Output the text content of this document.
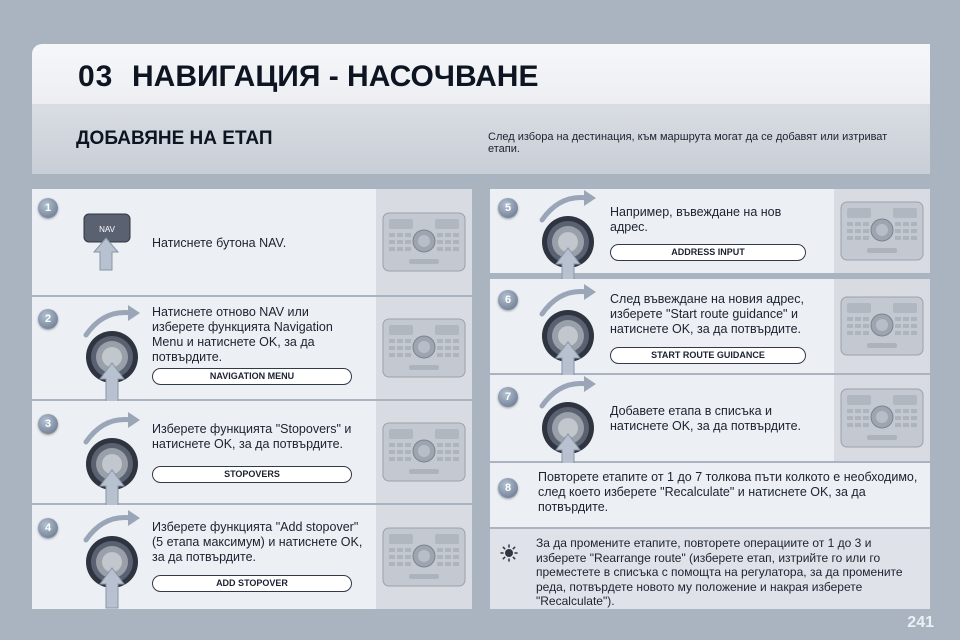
03 НАВИГАЦИЯ - НАСОЧВАНЕ
ДОБАВЯНЕ НА ЕТАП	След избора на дестинация, към маршрута могат да се добавят или изтриват етапи.
1
NAV
Натиснете бутона NAV.
2	Натиснете отново NAV или изберете функцията Navigation Menu и натиснете OK, за да потвърдите.
NAVIGATION MENU
3	Изберете функцията "Stopovers" и натиснете OK, за да потвърдите.
STOPOVERS
4	Изберете функцията "Add stopover" (5 етапа максимум) и натиснете OK, за да потвърдите.
ADD STOPOVER
5	Например, въвеждане на нов адрес.
ADDRESS INPUT
6	След въвеждане на новия адрес, изберете "Start route guidance" и натиснете OK, за да потвърдите.
START ROUTE GUIDANCE
7
Добавете етапа в списъка и натиснете OK, за да потвърдите.
8
Повторете етапите от 1 до 7 толкова пъти колкото е необходимо, след което изберете "Recalculate" и натиснете OK, за да потвърдите.
За да промените етапите, повторете операциите от 1 до 3 и изберете "Rearrange route" (изберете етап, изтрийте го или го преместете в списъка с помощта на регулатора, за да промените реда, потвърдете новото му положение и накрая изберете "Recalculate").
241
